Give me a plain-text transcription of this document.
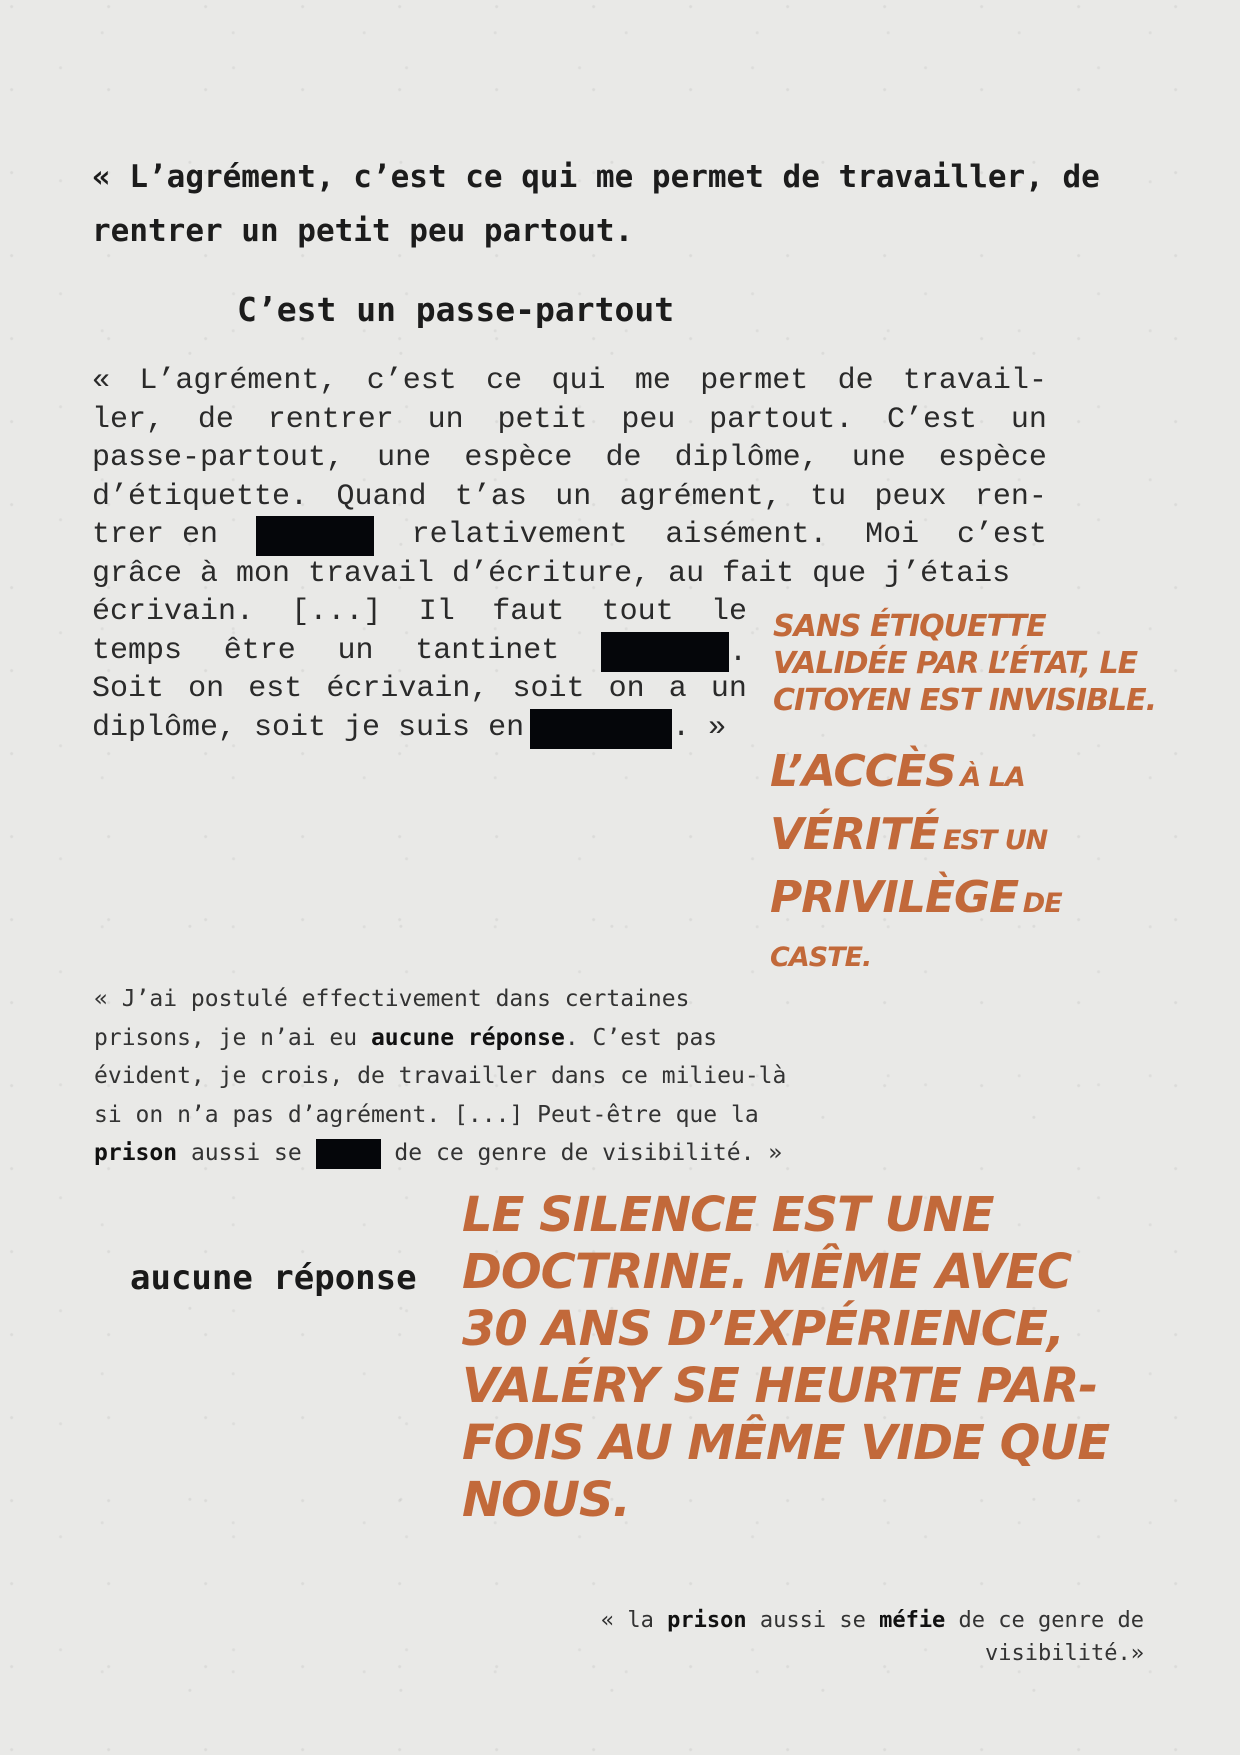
« L’agrément, c’est ce qui me permet de travailler, de
rentrer un petit peu partout.
C’est un passe-partout
« L’agrément, c’est ce qui me permet de travail-
ler, de rentrer un petit peu partout. C’est un
passe-partout, une espèce de diplôme, une espèce
d’étiquette. Quand t’as un agrément, tu peux ren-
trer en	relativement aisément. Moi c’est
grâce à mon travail d’écriture, au fait que j’étais
écrivain. [...] Il faut tout le
temps être un tantinet	.
Soit on est écrivain, soit on a un
diplôme, soit je suis en	. »
SANS ÉTIQUETTE VALIDÉE PAR L’ÉTAT, LE CITOYEN EST INVISIBLE.
L’ACCÈS À LA
VÉRITÉ EST UN
PRIVILÈGE DE
CASTE.
« J’ai postulé effectivement dans certaines
prisons, je n’ai eu aucune réponse. C’est pas
évident, je crois, de travailler dans ce milieu-là
si on n’a pas d’agrément. [...] Peut-être que la
prison aussi se	de ce genre de visibilité. »
aucune réponse
LE SILENCE EST UNE
DOCTRINE. MÊME AVEC
30 ANS D’EXPÉRIENCE,
VALÉRY SE HEURTE PAR-
FOIS AU MÊME VIDE QUE
NOUS.
« la prison aussi se méfie de ce genre de
visibilité.»
